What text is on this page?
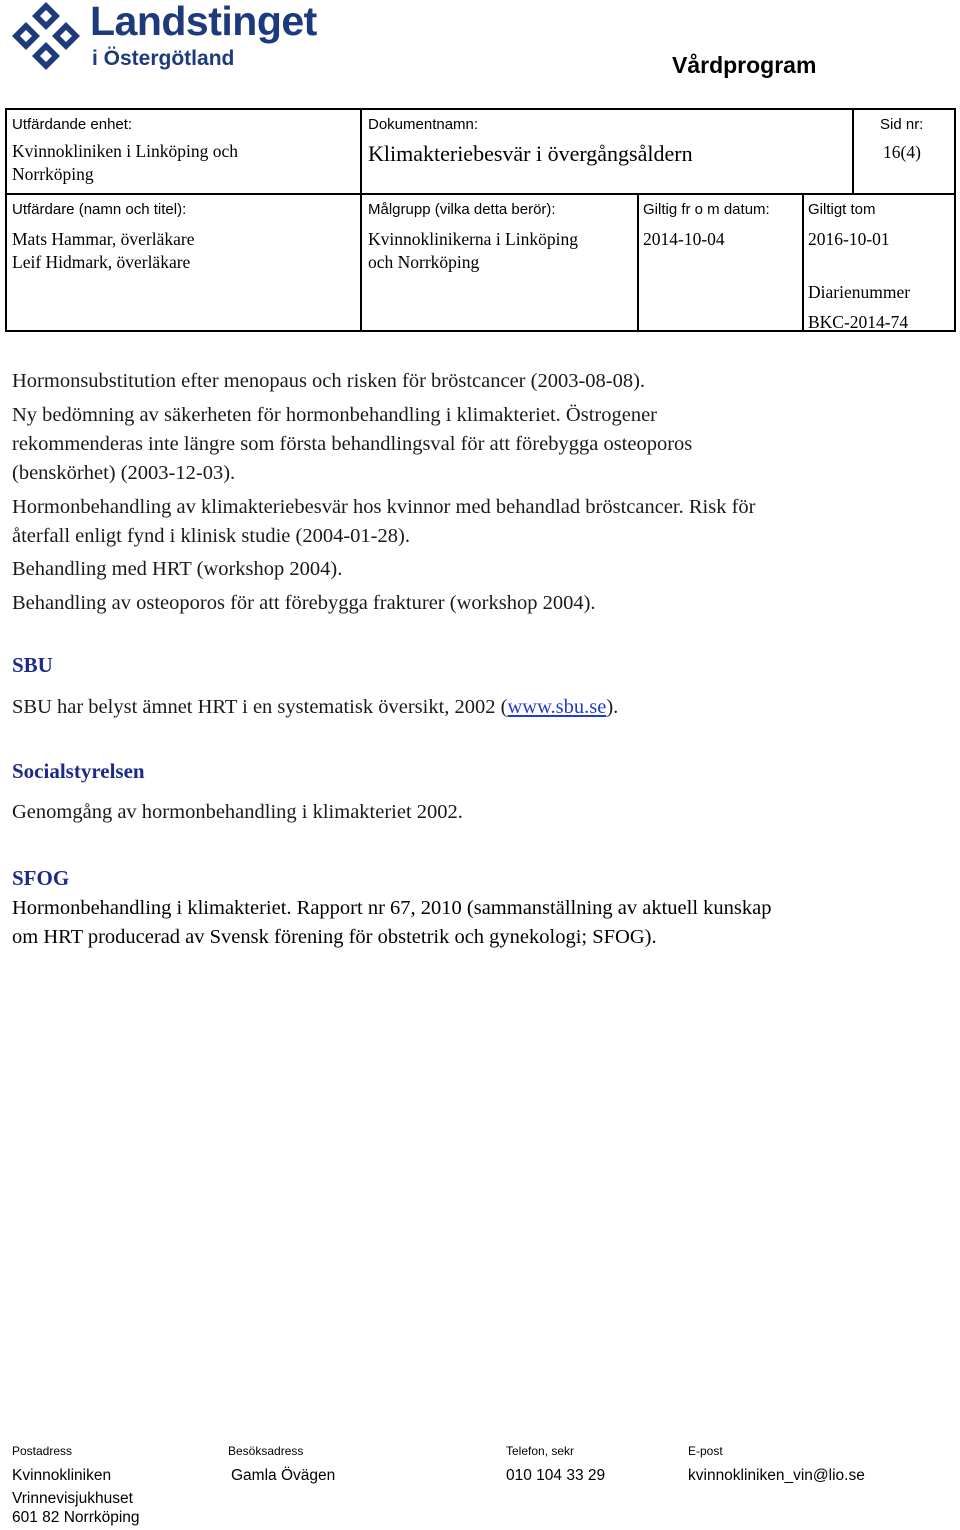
Landstinget
i Östergötland	Vårdprogram
Utfärdande enhet:
Kvinnokliniken i Linköping och
Norrköping
Dokumentnamn:
Klimakteriebesvär i övergångsåldern
Sid nr:
16(4)
Utfärdare (namn och titel):
Mats Hammar, överläkare
Leif Hidmark, överläkare
Målgrupp (vilka detta berör):
Kvinnoklinikerna i Linköping
och Norrköping
Giltig fr o m datum:
2014-10-04
Giltigt tom
2016-10-01
Diarienummer
BKC-2014-74
Hormonsubstitution efter menopaus och risken för bröstcancer (2003-08-08).
Ny bedömning av säkerheten för hormonbehandling i klimakteriet. Östrogener
rekommenderas inte längre som första behandlingsval för att förebygga osteoporos
(benskörhet) (2003-12-03).
Hormonbehandling av klimakteriebesvär hos kvinnor med behandlad bröstcancer. Risk för
återfall enligt fynd i klinisk studie (2004-01-28).
Behandling med HRT (workshop 2004).
Behandling av osteoporos för att förebygga frakturer (workshop 2004).
SBU
SBU har belyst ämnet HRT i en systematisk översikt, 2002 (www.sbu.se).
Socialstyrelsen
Genomgång av hormonbehandling i klimakteriet 2002.
SFOG
Hormonbehandling i klimakteriet. Rapport nr 67, 2010 (sammanställning av aktuell kunskap
om HRT producerad av Svensk förening för obstetrik och gynekologi; SFOG).
Postadress
Kvinnokliniken
Vrinnevisjukhuset
601 82 Norrköping
Besöksadress
Gamla Övägen
Telefon, sekr
010 104 33 29
E-post
kvinnokliniken_vin@lio.se
